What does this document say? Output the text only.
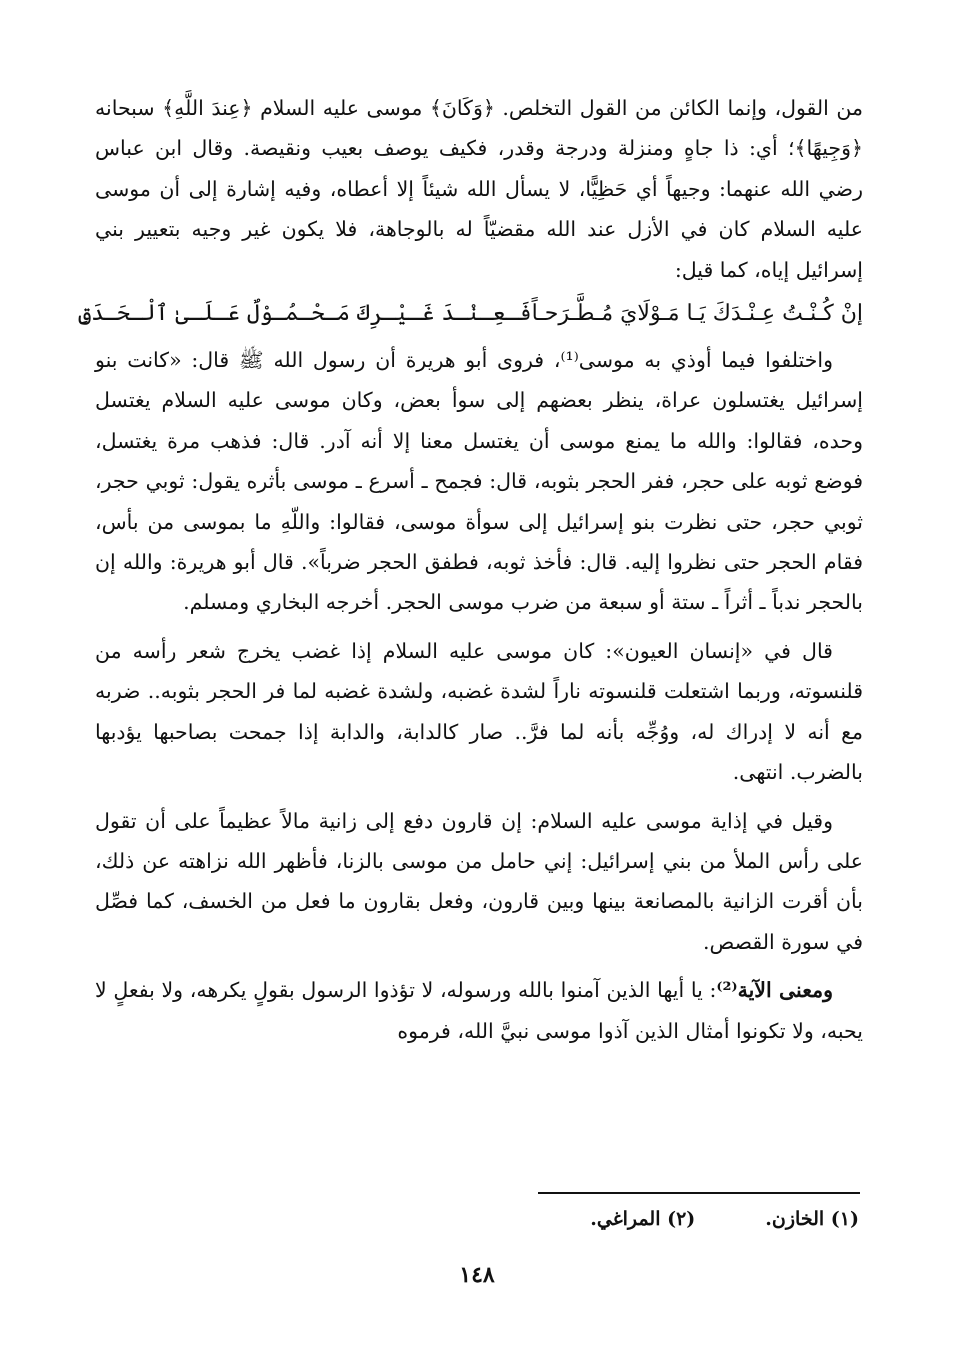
من القول، وإنما الكائن من القول التخلص. ﴿وَكَانَ﴾ موسى عليه السلام ﴿عِندَ اللَّهِ﴾ سبحانه ﴿وَجِيهًا﴾؛ أي: ذا جاهٍ ومنزلة ودرجة وقدر، فكيف يوصف بعيب ونقيصة. وقال ابن عباس رضي الله عنهما: وجيهاً أي حَظِيًّا، لا يسأل الله شيئاً إلا أعطاه، وفيه إشارة إلى أن موسى عليه السلام كان في الأزل عند الله مقضيّاً له بالوجاهة، فلا يكون غير وجيه بتعيير بني إسرائيل إياه، كما قيل:

إنْ كُـنْـتُ عِـنْـدَكَ يَـا مَـوْلَايَ مُـطَّـرَحـاً
فَـعِـنْـدَ غَـيْـرِكَ مَـحْـمُـوْلٌ عَـلَـىٰ ٱلْـحَـدَقِ

واختلفوا فيما أوذي به موسى⁽¹⁾، فروى أبو هريرة أن رسول الله ﷺ قال: «كانت بنو إسرائيل يغتسلون عراة، ينظر بعضهم إلى سوأ بعض، وكان موسى عليه السلام يغتسل وحده، فقالوا: والله ما يمنع موسى أن يغتسل معنا إلا أنه آدر. قال: فذهب مرة يغتسل، فوضع ثوبه على حجر، ففر الحجر بثوبه، قال: فجمح ـ أسرع ـ موسى بأثره يقول: ثوبي حجر، ثوبي حجر، حتى نظرت بنو إسرائيل إلى سوأة موسى، فقالوا: واللّهِ ما بموسى من بأس، فقام الحجر حتى نظروا إليه. قال: فأخذ ثوبه، فطفق الحجر ضرباً». قال أبو هريرة: والله إن بالحجر ندباً ـ أثراً ـ ستة أو سبعة من ضرب موسى الحجر. أخرجه البخاري ومسلم.

قال في «إنسان العيون»: كان موسى عليه السلام إذا غضب يخرج شعر رأسه من قلنسوته، وربما اشتعلت قلنسوته ناراً لشدة غضبه، ولشدة غضبه لما فر الحجر بثوبه.. ضربه مع أنه لا إدراك له، ووُجِّه بأنه لما فرَّ.. صار كالدابة، والدابة إذا جمحت بصاحبها يؤدبها بالضرب. انتهى.

وقيل في إذاية موسى عليه السلام: إن قارون دفع إلى زانية مالاً عظيماً على أن تقول على رأس الملأ من بني إسرائيل: إني حامل من موسى بالزنا، فأظهر الله نزاهته عن ذلك، بأن أقرت الزانية بالمصانعة بينها وبين قارون، وفعل بقارون ما فعل من الخسف، كما فصِّل في سورة القصص.

ومعنى الآية⁽²⁾: يا أيها الذين آمنوا بالله ورسوله، لا تؤذوا الرسول بقولٍ يكرهه، ولا بفعلٍ لا يحبه، ولا تكونوا أمثال الذين آذوا موسى نبيَّ الله، فرموه

(١) الخازن.
(٢) المراغي.
١٤٨
